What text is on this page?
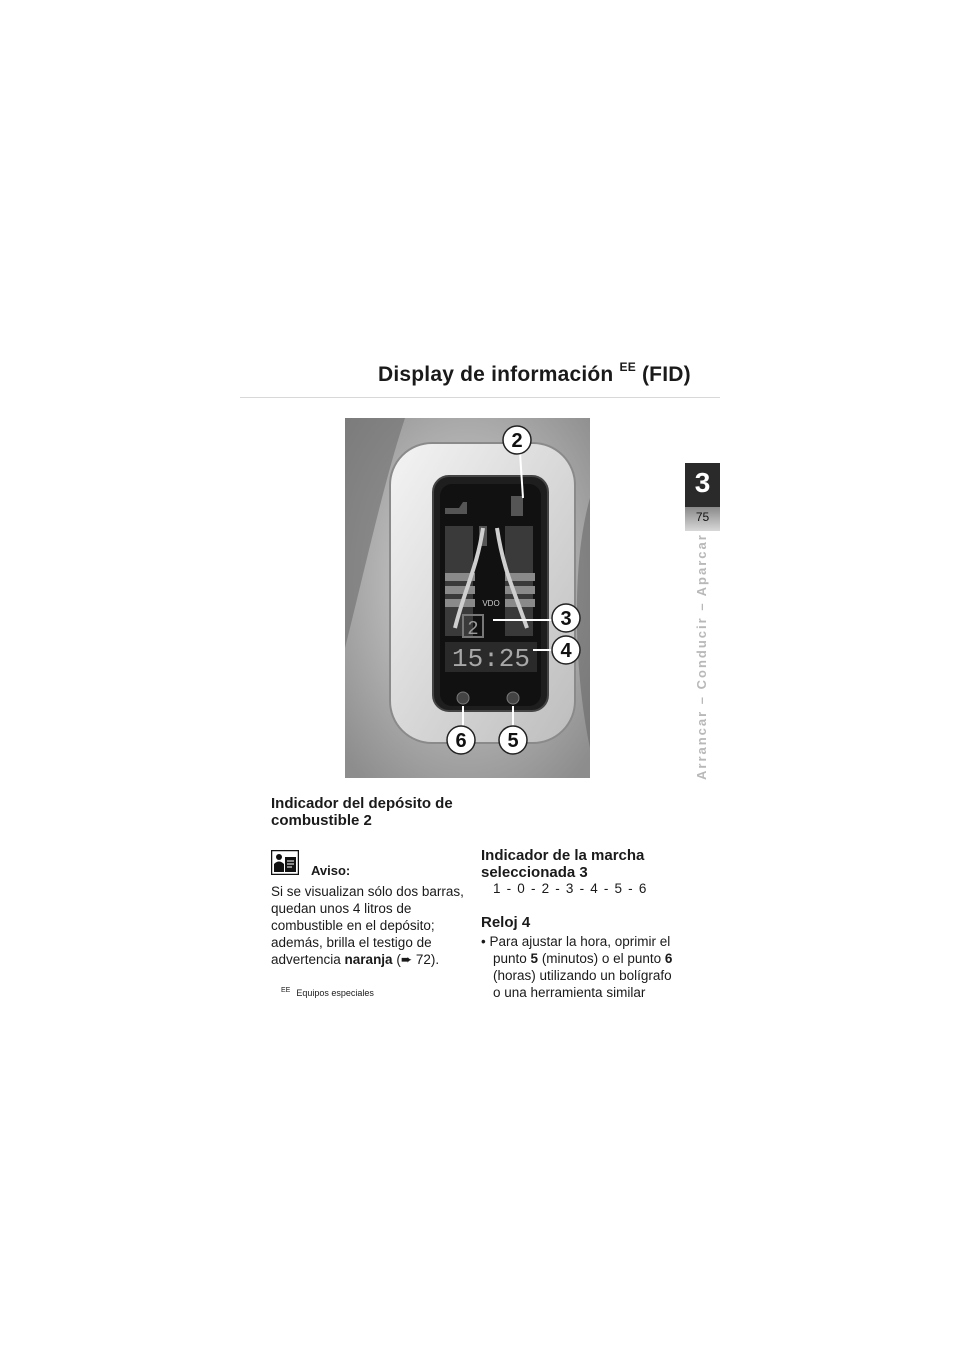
Display de información $^{EE}$ (FID)
3
75
Arrancar – Conducir – Aparcar
VDO
2
15:25
2
3
4
6 5
Indicador del depósito de combustible 2
Aviso:
Si se visualizan sólo dos barras, quedan unos 4 litros de combustible en el depósito; además, brilla el testigo de advertencia naranja (➨ 72).
$^{EE}$ Equipos especiales
Indicador de la marcha seleccionada 3
1 - 0 - 2 - 3 - 4 - 5 - 6
Reloj 4
• Para ajustar la hora, oprimir el
punto 5 (minutos) o el punto 6
(horas) utilizando un bolígrafo
o una herramienta similar
